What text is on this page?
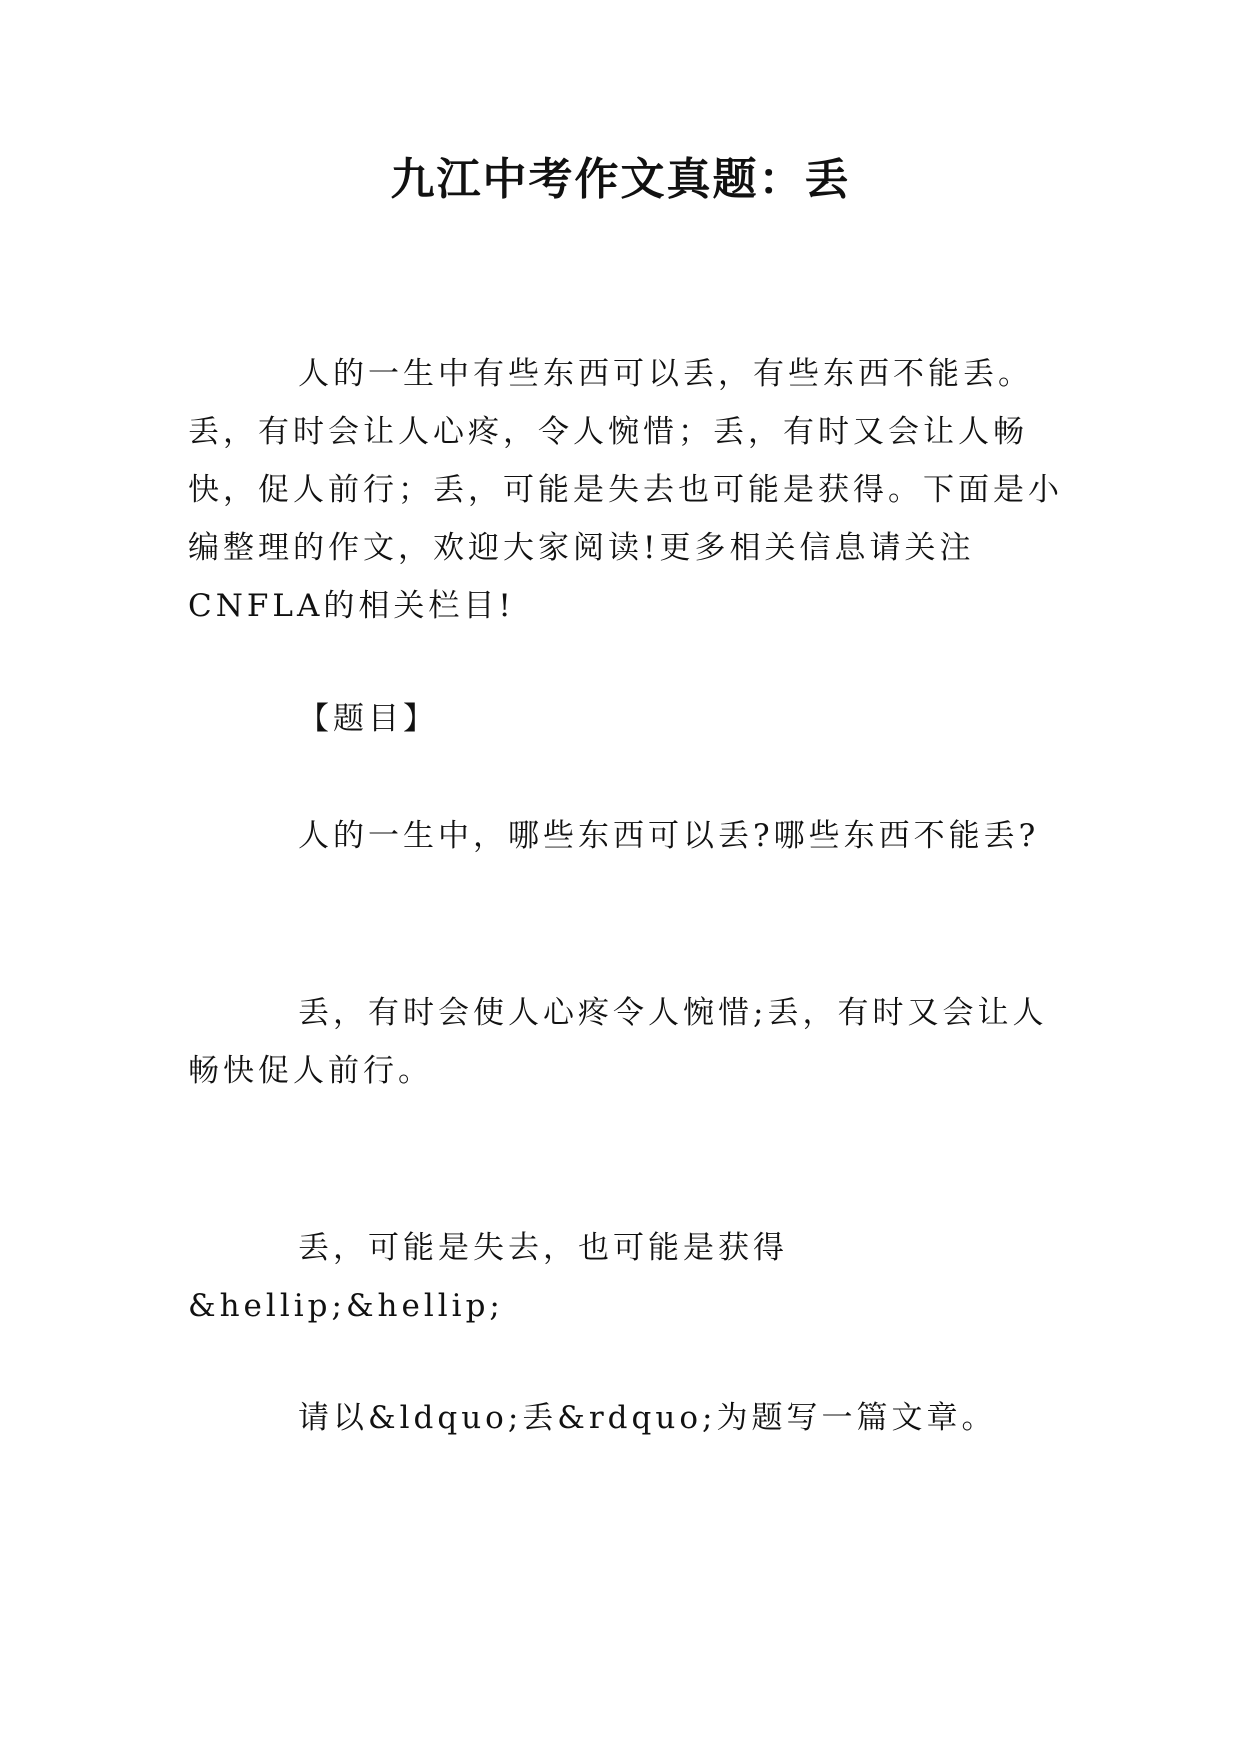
九江中考作文真题：丢

人的一生中有些东西可以丢，有些东西不能丢。丢，有时会让人心疼，令人惋惜；丢，有时又会让人畅快，促人前行；丢，可能是失去也可能是获得。下面是小编整理的作文，欢迎大家阅读!更多相关信息请关注CNFLA的相关栏目!

【题目】

人的一生中，哪些东西可以丢?哪些东西不能丢?

丢，有时会使人心疼令人惋惜;丢，有时又会让人畅快促人前行。

丢，可能是失去，也可能是获得&hellip;&hellip;

请以&ldquo;丢&rdquo;为题写一篇文章。
